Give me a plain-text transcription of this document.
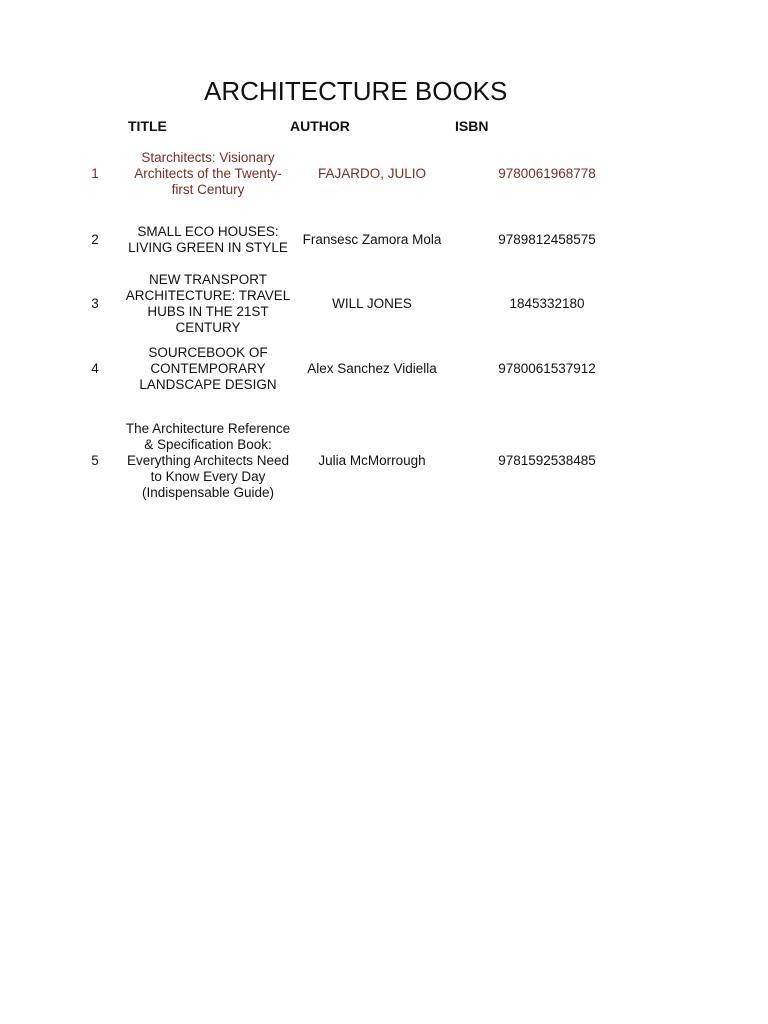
ARCHITECTURE BOOKS
TITLE	AUTHOR	ISBN
1
Starchitects: Visionary Architects of the Twenty-first Century
FAJARDO, JULIO	9780061968778
2
SMALL ECO HOUSES: LIVING GREEN IN STYLE
Fransesc Zamora Mola	9789812458575
3
NEW TRANSPORT ARCHITECTURE: TRAVEL HUBS IN THE 21ST CENTURY
WILL JONES	1845332180
4
SOURCEBOOK OF CONTEMPORARY LANDSCAPE DESIGN
Alex Sanchez Vidiella	9780061537912
5
The Architecture Reference & Specification Book: Everything Architects Need to Know Every Day (Indispensable Guide)
Julia McMorrough	9781592538485
